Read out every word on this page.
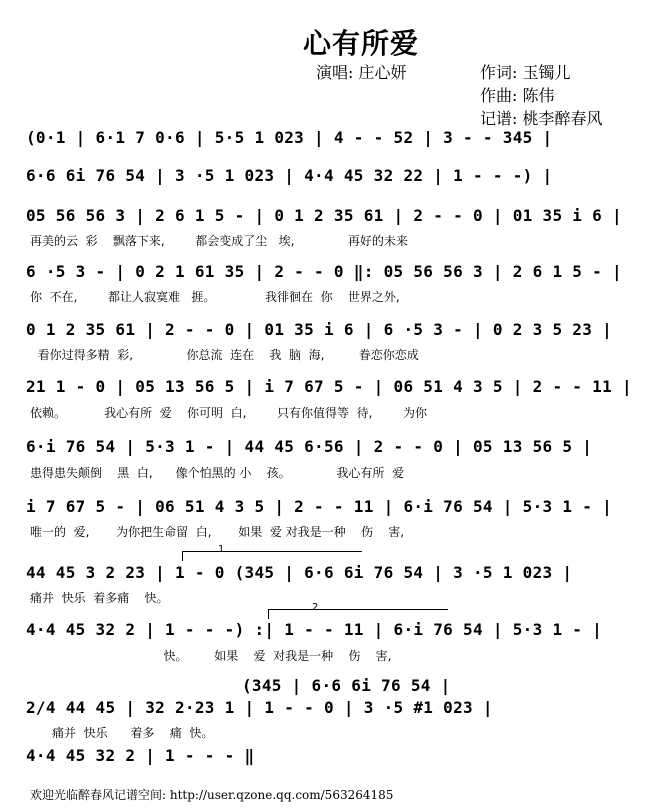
心有所爱
演唱: 庄心妍	作词: 玉镯儿
作曲: 陈伟
记谱: 桃李醉春风
(0·1 | 6·1 7 0·6 | 5·5 1 023 | 4 - - 52 | 3 - - 345 |
6·6 6i 76 54 | 3 ·5 1 023 | 4·4 45 32 22 | 1 - - -) |
05 56 56 3 | 2 6 1 5 - | 0 1 2 35 61 | 2 - - 0 | 01 35 i 6 |
再美的云  彩    飘落下来,        都会变成了尘   埃,              再好的未来
6 ·5 3 - | 0 2 1 61 35 | 2 - - 0 ‖: 05 56 56 3 | 2 6 1 5 - |
你  不在,        都让人寂寞难   捱。             我徘徊在  你    世界之外,
0 1 2 35 61 | 2 - - 0 | 01 35 i 6 | 6 ·5 3 - | 0 2 3 5 23 |
看你过得多精  彩,              你总流  连在    我  脑  海,         眷恋你恋成
21 1 - 0 | 05 13 56 5 | i 7 67 5 - | 06 51 4 3 5 | 2 - - 11 |
依赖。          我心有所  爱    你可明  白,        只有你值得等  待,        为你
6·i 76 54 | 5·3 1 - | 44 45 6·56 | 2 - - 0 | 05 13 56 5 |
患得患失颠倒    黑  白,      像个怕黑的 小    孩。            我心有所  爱
i 7 67 5 - | 06 51 4 3 5 | 2 - - 11 | 6·i 76 54 | 5·3 1 - |
唯一的  爱,       为你把生命留  白,       如果  爱 对我是一种    伤    害,
1
44 45 3 2 23 | 1 - 0 (345 | 6·6 6i 76 54 | 3 ·5 1 023 |
痛并  快乐  着多痛    快。
2
4·4 45 32 2 | 1 - - -) :| 1 - - 11 | 6·i 76 54 | 5·3 1 - |
快。       如果    爱  对我是一种    伤    害,
(345 | 6·6 6i 76 54 |
2/4 44 45 | 32 2·23 1 | 1 - - 0 | 3 ·5 #1 023 |
痛并  快乐      着多    痛  快。
4·4 45 32 2 | 1 - - - ‖
欢迎光临醉春风记谱空间: http://user.qzone.qq.com/563264185
